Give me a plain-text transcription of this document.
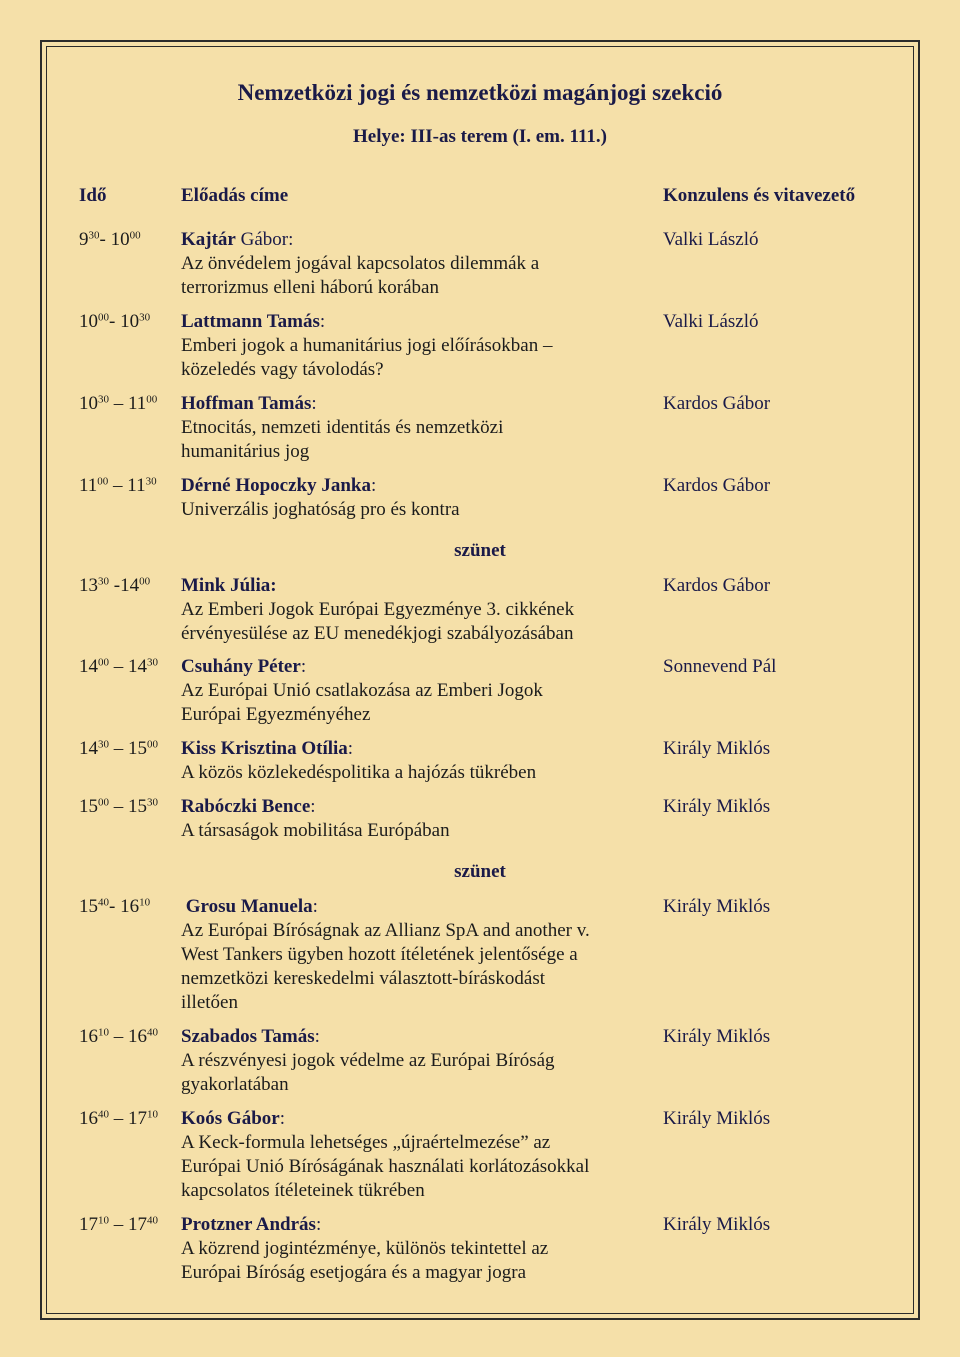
Nemzetközi jogi és nemzetközi magánjogi szekció
Helye: III-as terem (I. em. 111.)
Idő	Előadás címe	Konzulens és vitavezető
$9^{30}-$ $10^{00}$ Kajtár Gábor:
Az önvédelem jogával kapcsolatos dilemmák a
terrorizmus elleni háború korában
Valki László
$10^{00}-$ $10^{30}$ Lattmann Tamás:
Emberi jogok a humanitárius jogi előírásokban –
közeledés vagy távolodás?
Valki László
$10^{30} - 11^{00}$ Hoffman Tamás:
Etnocitás, nemzeti identitás és nemzetközi
humanitárius jog
Kardos Gábor
$11^{00} - 11^{30}$ Dérné Hopoczky Janka:
Univerzális joghatóság pro és kontra
Kardos Gábor
$13^{30}$ $-14^{00}$ Mink Júlia:
Az Emberi Jogok Európai Egyezménye 3. cikkének
érvényesülése az EU menedékjogi szabályozásában
Kardos Gábor
$14^{00} - 14^{30}$ Csuhány Péter:
Az Európai Unió csatlakozása az Emberi Jogok
Európai Egyezményéhez
Sonnevend Pál
$14^{30} - 15^{00}$ Kiss Krisztina Otília:
A közös közlekedéspolitika a hajózás tükrében
Király Miklós
$15^{00} - 15^{30}$ Rabóczki Bence:
A társaságok mobilitása Európában
Király Miklós
$15^{40}-$ $16^{10}$ Grosu Manuela:
Az Európai Bíróságnak az Allianz SpA and another v.
West Tankers ügyben hozott ítéletének jelentősége a
nemzetközi kereskedelmi választott-bíráskodást
illetően
Király Miklós
$16^{10} - 16^{40}$ Szabados Tamás:
A részvényesi jogok védelme az Európai Bíróság
gyakorlatában
Király Miklós
$16^{40} - 17^{10}$ Koós Gábor:
A Keck-formula lehetséges „újraértelmezése” az
Európai Unió Bíróságának használati korlátozásokkal
kapcsolatos ítéleteinek tükrében
Király Miklós
$17^{10} - 17^{40}$ Protzner András:
A közrend jogintézménye, különös tekintettel az
Európai Bíróság esetjogára és a magyar jogra
Király Miklós
szünet
szünet
